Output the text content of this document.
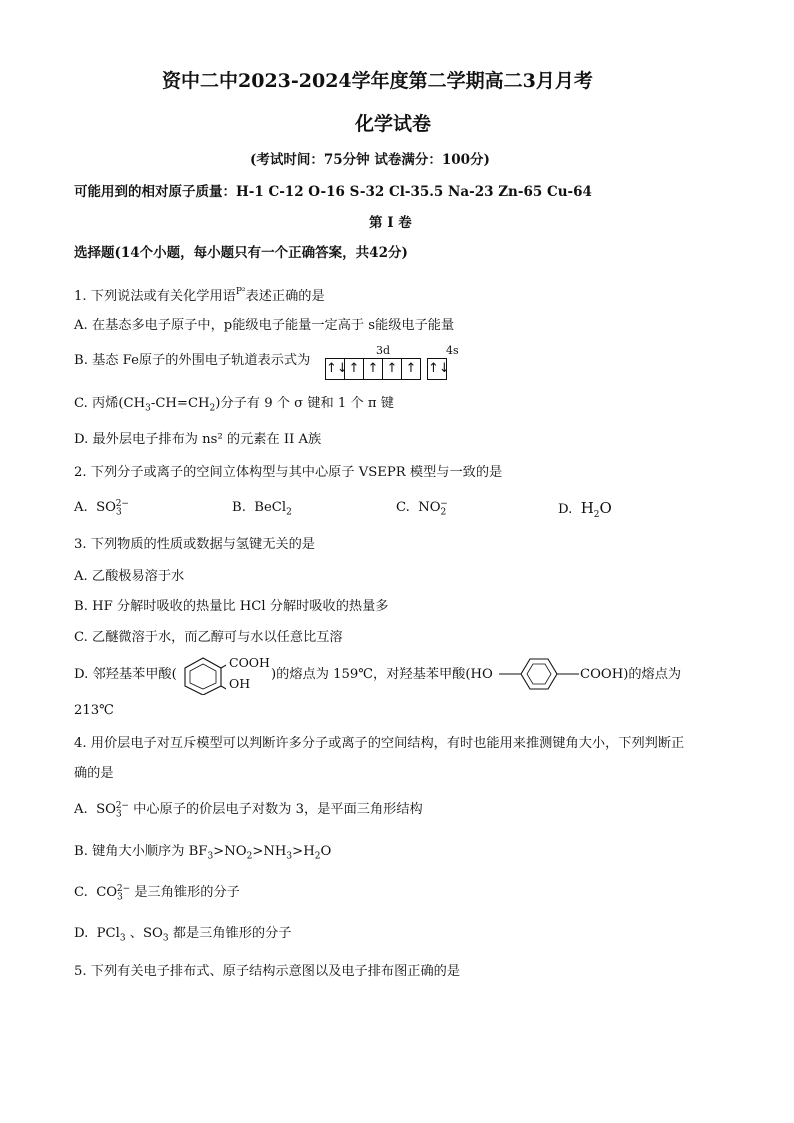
资中二中2023-2024学年度第二学期高二3月月考
化学试卷
(考试时间：75分钟 试卷满分：100分)
可能用到的相对原子质量：H-1 C-12 O-16 S-32 Cl-35.5 Na-23 Zn-65 Cu-64
第 I 卷
选择题(14个小题，每小题只有一个正确答案，共42分)
1. 下列说法或有关化学用语$^{P^2}$表述正确的是
A. 在基态多电子原子中，p能级电子能量一定高于 s能级电子能量
B. 基态 Fe原子的外围电子轨道表示式为
3d	4s
↑↓↑ ↑ ↑ ↑ ↑↓
C. 丙烯$(CH_3-CH=CH_2)$分子有 9 个 σ 键和 1 个 π 键
D. 最外层电子排布为 ns² 的元素在 II A族
2. 下列分子或离子的空间立体构型与其中心原子 VSEPR 模型与一致的是
A.  $SO_3^{2-}$	B.  BeCl$_2$	C.  $NO_2^-$	D. $H_2O$
3. 下列物质的性质或数据与氢键无关的是
A. 乙酸极易溶于水
B. HF 分解时吸收的热量比 HCl 分解时吸收的热量多
C. 乙醚微溶于水，而乙醇可与水以任意比互溶
D. 邻羟基苯甲酸(
COOH
OH
)的熔点为 159℃，对羟基苯甲酸(HO	COOH)的熔点为
213℃
4. 用价层电子对互斥模型可以判断许多分子或离子的空间结构，有时也能用来推测键角大小，下列判断正
确的是
A.  $SO_3^{2-}$ 中心原子的价层电子对数为 3，是平面三角形结构
B. 键角大小顺序为 $BF_3>NO_2>NH_3>H_2O$
C.  $CO_3^{2-}$ 是三角锥形的分子
D.  PCl$_3$ 、$SO_3$ 都是三角锥形的分子
5. 下列有关电子排布式、原子结构示意图以及电子排布图正确的是
